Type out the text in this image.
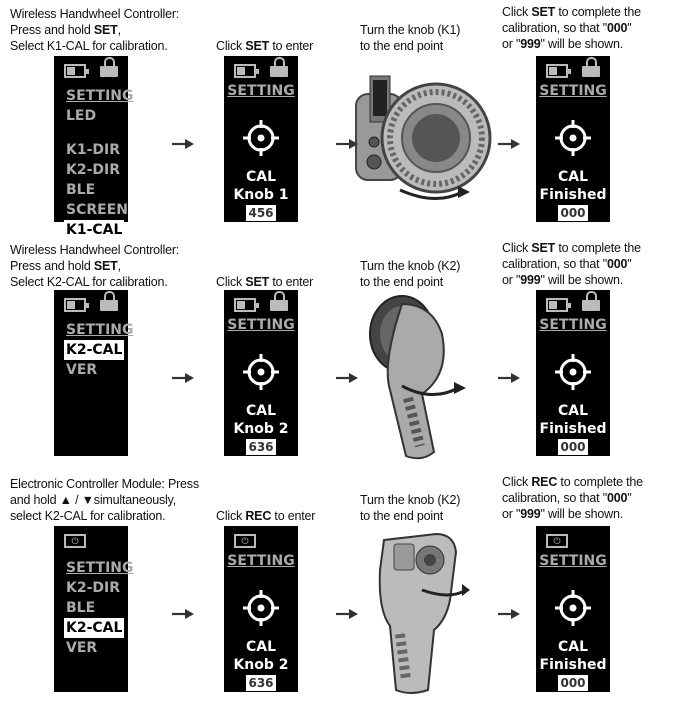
Wireless Handwheel Controller:
Press and hold SET,
Select K1-CAL for calibration.	Click SET to enter
Turn the knob (K1)
to the end point
Click SET to complete the
calibration, so that "000"
or "999" will be shown.
SETTING
LED

K1-DIR
K2-DIR
BLE
SCREEN
K1-CAL
SETTING
CAL
Knob 1
456
SETTING
CAL
Finished
000
Wireless Handwheel Controller:
Press and hold SET,
Select K2-CAL for calibration.	Click SET to enter
Turn the knob (K2)
to the end point
Click SET to complete the
calibration, so that "000"
or "999" will be shown.
SETTING
K2-CAL
VER
SETTING
CAL
Knob 2
636
SETTING
CAL
Finished
000
Electronic Controller Module: Press
and hold ▲ / ▼simultaneously,
select K2-CAL for calibration.	Click REC to enter
Turn the knob (K2)
to the end point
Click REC to complete the
calibration, so that "000"
or "999" will be shown.
⏻
SETTING
K2-DIR
BLE
K2-CAL
VER
⏻
SETTING
CAL
Knob 2
636
⏻
SETTING
CAL
Finished
000
